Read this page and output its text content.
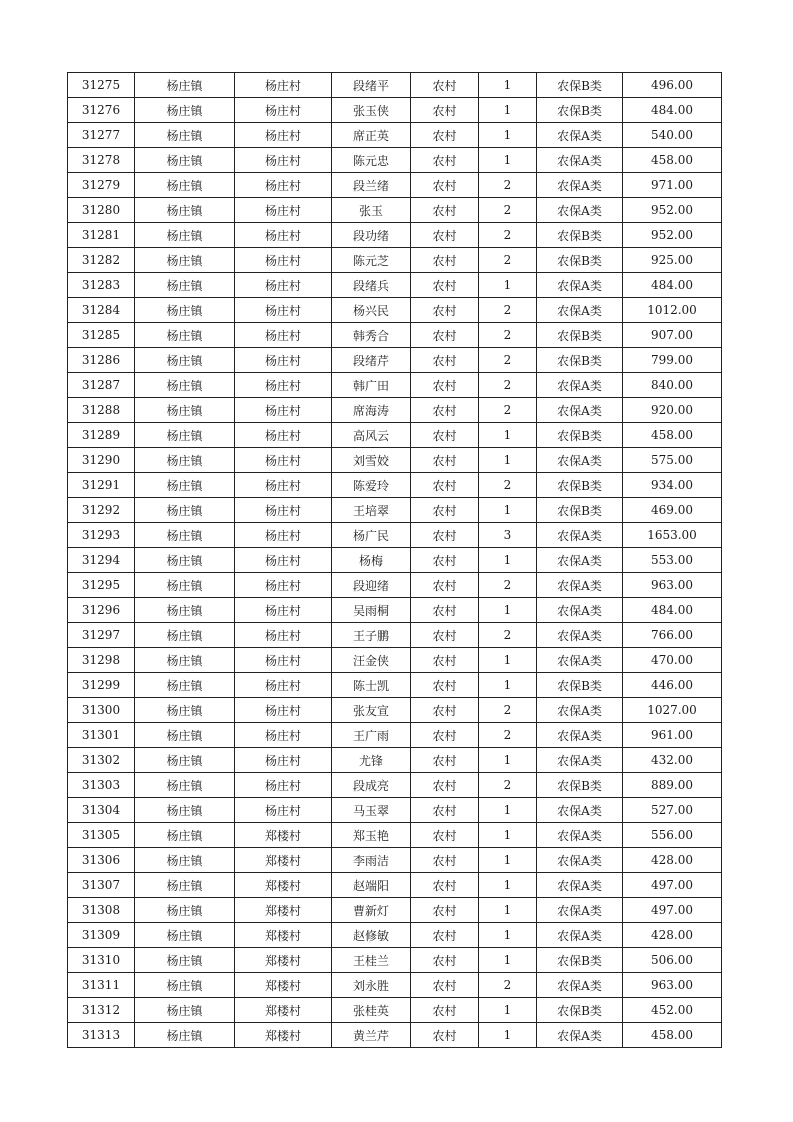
31275	杨庄镇	杨庄村	段绪平	农村	1	农保B类	496.00
31276	杨庄镇	杨庄村	张玉侠	农村	1	农保B类	484.00
31277	杨庄镇	杨庄村	席正英	农村	1	农保A类	540.00
31278	杨庄镇	杨庄村	陈元忠	农村	1	农保A类	458.00
31279	杨庄镇	杨庄村	段兰绪	农村	2	农保A类	971.00
31280	杨庄镇	杨庄村	张玉	农村	2	农保A类	952.00
31281	杨庄镇	杨庄村	段功绪	农村	2	农保B类	952.00
31282	杨庄镇	杨庄村	陈元芝	农村	2	农保B类	925.00
31283	杨庄镇	杨庄村	段绪兵	农村	1	农保A类	484.00
31284	杨庄镇	杨庄村	杨兴民	农村	2	农保A类	1012.00
31285	杨庄镇	杨庄村	韩秀合	农村	2	农保B类	907.00
31286	杨庄镇	杨庄村	段绪芹	农村	2	农保B类	799.00
31287	杨庄镇	杨庄村	韩广田	农村	2	农保A类	840.00
31288	杨庄镇	杨庄村	席海涛	农村	2	农保A类	920.00
31289	杨庄镇	杨庄村	高风云	农村	1	农保B类	458.00
31290	杨庄镇	杨庄村	刘雪姣	农村	1	农保A类	575.00
31291	杨庄镇	杨庄村	陈爱玲	农村	2	农保B类	934.00
31292	杨庄镇	杨庄村	王培翠	农村	1	农保B类	469.00
31293	杨庄镇	杨庄村	杨广民	农村	3	农保A类	1653.00
31294	杨庄镇	杨庄村	杨梅	农村	1	农保A类	553.00
31295	杨庄镇	杨庄村	段迎绪	农村	2	农保A类	963.00
31296	杨庄镇	杨庄村	吴雨桐	农村	1	农保A类	484.00
31297	杨庄镇	杨庄村	王子鹏	农村	2	农保A类	766.00
31298	杨庄镇	杨庄村	汪金侠	农村	1	农保A类	470.00
31299	杨庄镇	杨庄村	陈士凯	农村	1	农保B类	446.00
31300	杨庄镇	杨庄村	张友宣	农村	2	农保A类	1027.00
31301	杨庄镇	杨庄村	王广雨	农村	2	农保A类	961.00
31302	杨庄镇	杨庄村	尤锋	农村	1	农保A类	432.00
31303	杨庄镇	杨庄村	段成亮	农村	2	农保B类	889.00
31304	杨庄镇	杨庄村	马玉翠	农村	1	农保A类	527.00
31305	杨庄镇	郑楼村	郑玉艳	农村	1	农保A类	556.00
31306	杨庄镇	郑楼村	李雨洁	农村	1	农保A类	428.00
31307	杨庄镇	郑楼村	赵端阳	农村	1	农保A类	497.00
31308	杨庄镇	郑楼村	曹新灯	农村	1	农保A类	497.00
31309	杨庄镇	郑楼村	赵修敏	农村	1	农保A类	428.00
31310	杨庄镇	郑楼村	王桂兰	农村	1	农保B类	506.00
31311	杨庄镇	郑楼村	刘永胜	农村	2	农保A类	963.00
31312	杨庄镇	郑楼村	张桂英	农村	1	农保B类	452.00
31313	杨庄镇	郑楼村	黄兰芹	农村	1	农保A类	458.00
